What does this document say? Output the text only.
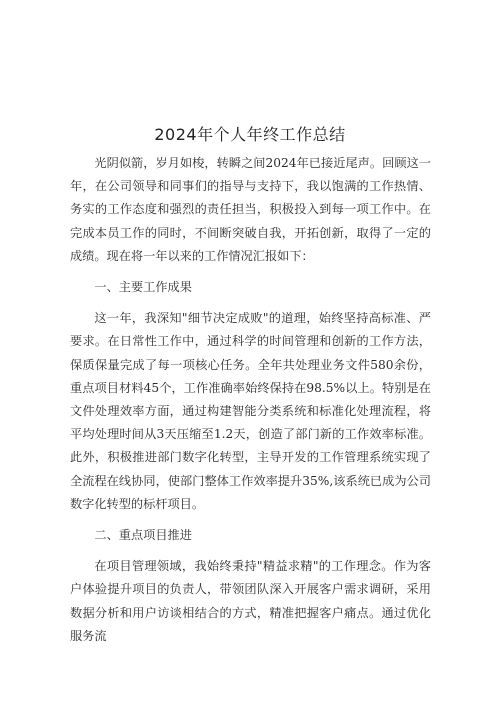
2024年个人年终工作总结

光阴似箭，岁月如梭，转瞬之间2024年已接近尾声。回顾这一年，在公司领导和同事们的指导与支持下，我以饱满的工作热情、务实的工作态度和强烈的责任担当，积极投入到每一项工作中。在完成本员工作的同时，不间断突破自我，开拓创新，取得了一定的成绩。现在将一年以来的工作情况汇报如下：

一、主要工作成果

这一年，我深知"细节决定成败"的道理，始终坚持高标准、严要求。在日常性工作中，通过科学的时间管理和创新的工作方法，保质保量完成了每一项核心任务。全年共处理业务文件580余份，重点项目材料45个，工作准确率始终保持在98.5%以上。特别是在文件处理效率方面，通过构建智能分类系统和标准化处理流程，将平均处理时间从3天压缩至1.2天，创造了部门新的工作效率标准。此外，积极推进部门数字化转型，主导开发的工作管理系统实现了全流程在线协同，使部门整体工作效率提升35%,该系统已成为公司数字化转型的标杆项目。

二、重点项目推进

在项目管理领域，我始终秉持"精益求精"的工作理念。作为客户体验提升项目的负责人，带领团队深入开展客户需求调研，采用数据分析和用户访谈相结合的方式，精准把握客户痛点。通过优化服务流
